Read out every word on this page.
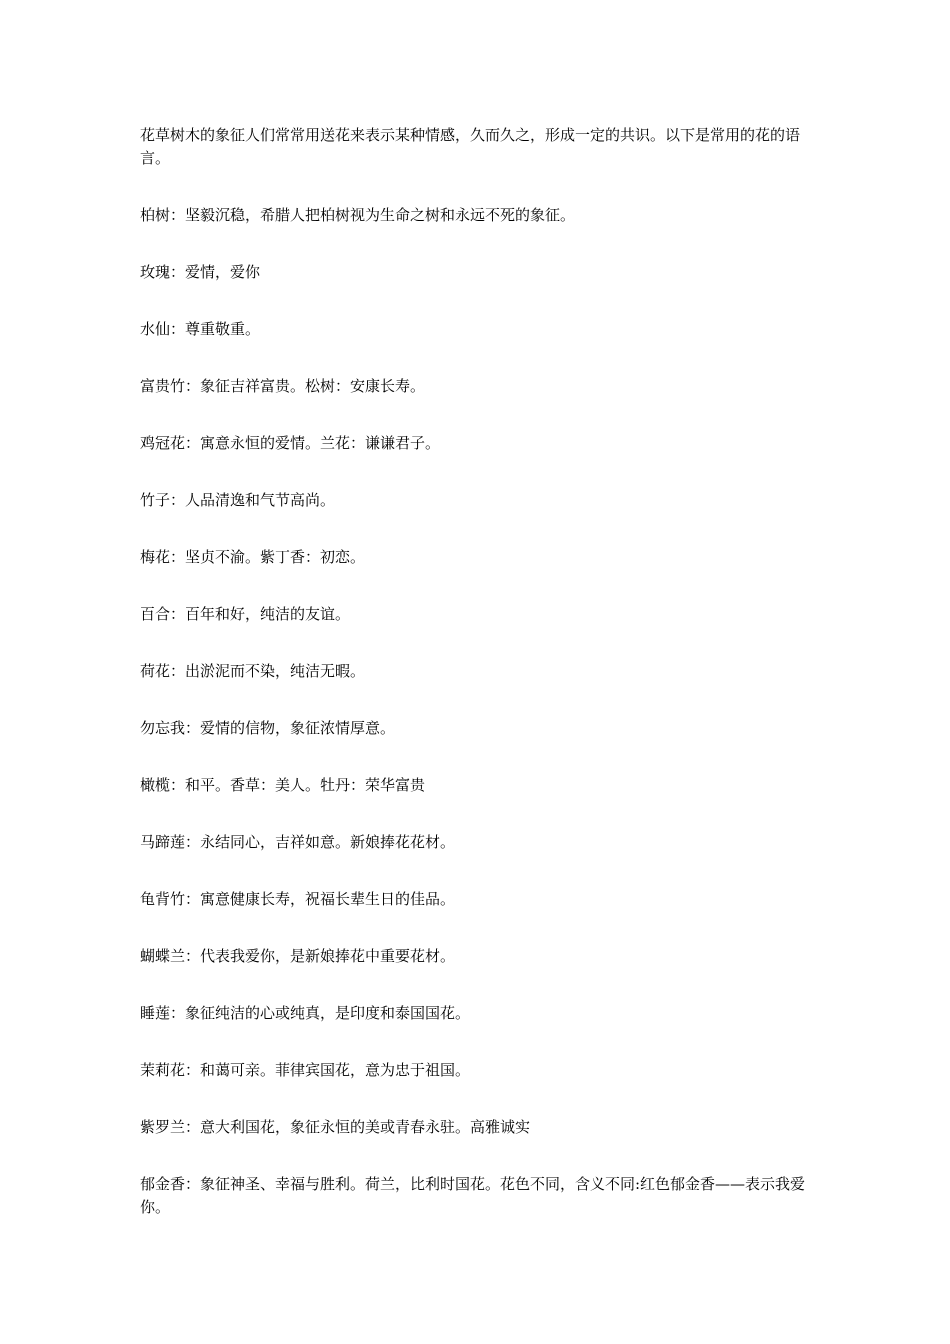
花草树木的象征人们常常用送花来表示某种情感，久而久之，形成一定的共识。以下是常用的花的语言。

柏树：坚毅沉稳，希腊人把柏树视为生命之树和永远不死的象征。

玫瑰：爱情，爱你

水仙：尊重敬重。

富贵竹：象征吉祥富贵。松树：安康长寿。

鸡冠花：寓意永恒的爱情。兰花：谦谦君子。

竹子：人品清逸和气节高尚。

梅花：坚贞不渝。紫丁香：初恋。

百合：百年和好，纯洁的友谊。

荷花：出淤泥而不染，纯洁无暇。

勿忘我：爱情的信物，象征浓情厚意。

橄榄：和平。香草：美人。牡丹：荣华富贵

马蹄莲：永结同心，吉祥如意。新娘捧花花材。

龟背竹：寓意健康长寿，祝福长辈生日的佳品。

蝴蝶兰：代表我爱你，是新娘捧花中重要花材。

睡莲：象征纯洁的心或纯真，是印度和泰国国花。

茉莉花：和蔼可亲。菲律宾国花，意为忠于祖国。

紫罗兰：意大利国花，象征永恒的美或青春永驻。高雅诚实

郁金香：象征神圣、幸福与胜利。荷兰，比利时国花。花色不同，含义不同:红色郁金香——表示我爱你。
